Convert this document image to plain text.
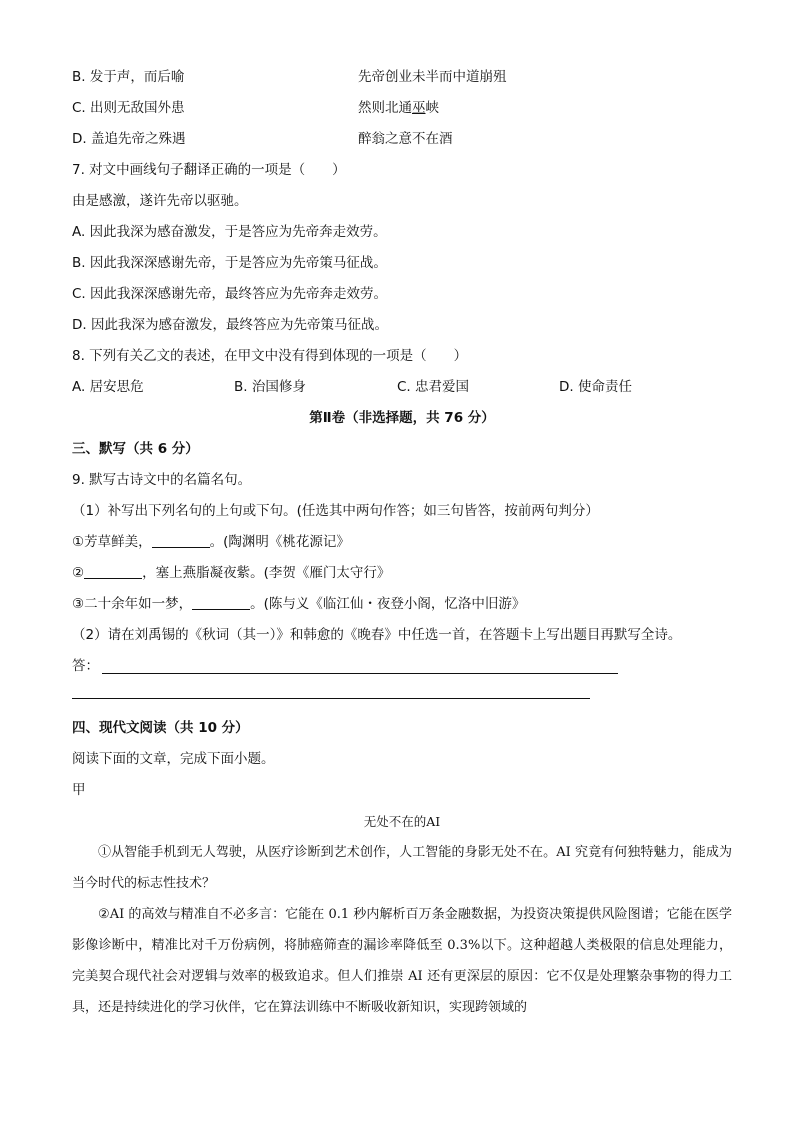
B. 发于声，而后喻	先帝创业未半而中道崩殂
C. 出则无敌国外患	然则北通巫峡
D. 盖追先帝之殊遇	醉翁之意不在酒
7. 对文中画线句子翻译正确的一项是（　　）
由是感激，遂许先帝以驱驰。
A. 因此我深为感奋激发，于是答应为先帝奔走效劳。
B. 因此我深深感谢先帝，于是答应为先帝策马征战。
C. 因此我深深感谢先帝，最终答应为先帝奔走效劳。
D. 因此我深为感奋激发，最终答应为先帝策马征战。
8. 下列有关乙文的表述，在甲文中没有得到体现的一项是（　　）
A. 居安思危	B. 治国修身	C. 忠君爱国	D. 使命责任
第Ⅱ卷（非选择题，共 76 分）
三、默写（共 6 分）
9. 默写古诗文中的名篇名句。
（1）补写出下列名句的上句或下句。(任选其中两句作答；如三句皆答，按前两句判分）
①芳草鲜美，	。(陶渊明《桃花源记》
②	，塞上燕脂凝夜紫。(李贺《雁门太守行》
③二十余年如一梦，	。(陈与义《临江仙・夜登小阁，忆洛中旧游》
（2）请在刘禹锡的《秋词（其一）》和韩愈的《晚春》中任选一首，在答题卡上写出题目再默写全诗。
答：
四、现代文阅读（共 10 分）
阅读下面的文章，完成下面小题。
甲
无处不在的AI
①从智能手机到无人驾驶，从医疗诊断到艺术创作，人工智能的身影无处不在。AI 究竟有何独特魅力，能成为当今时代的标志性技术？
②AI 的高效与精准自不必多言：它能在 0.1 秒内解析百万条金融数据，为投资决策提供风险图谱；它能在医学影像诊断中，精准比对千万份病例，将肺癌筛查的漏诊率降低至 0.3%以下。这种超越人类极限的信息处理能力，完美契合现代社会对逻辑与效率的极致追求。但人们推崇 AI 还有更深层的原因：它不仅是处理繁杂事物的得力工具，还是持续进化的学习伙伴，它在算法训练中不断吸收新知识，实现跨领域的
